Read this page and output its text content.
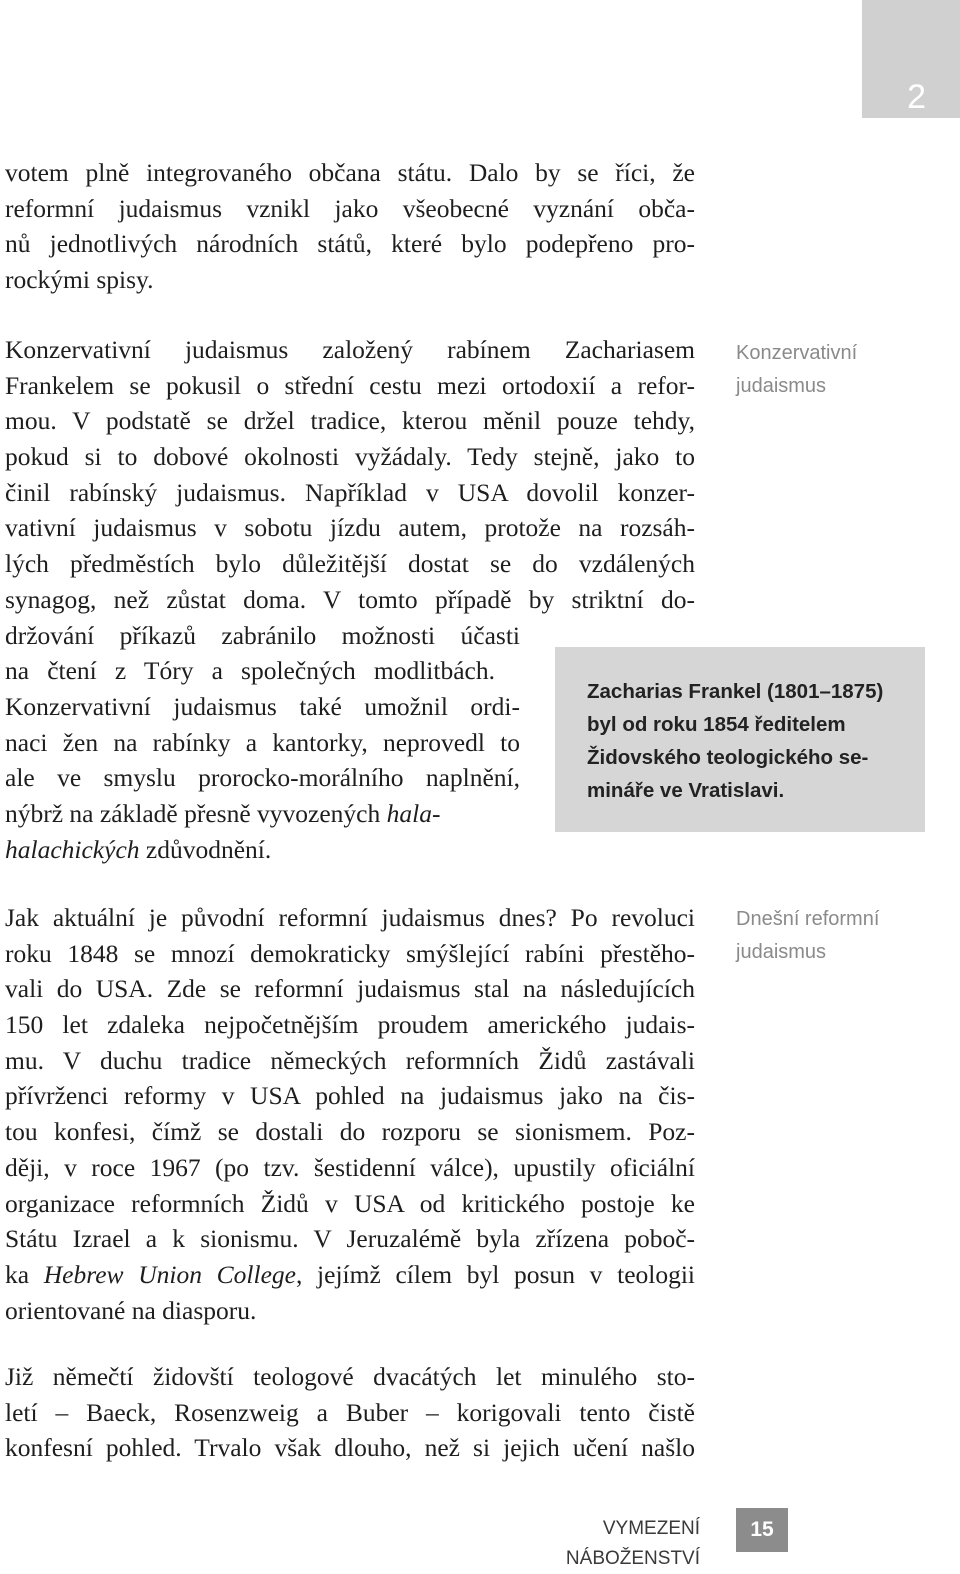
2
votem plně integrovaného občana státu. Dalo by se říci, že
reformní judaismus vznikl jako všeobecné vyznání obča-
nů jednotlivých národních států, které bylo podepřeno pro-
rockými spisy.
Konzervativní judaismus založený rabínem Zachariasem
Frankelem se pokusil o střední cestu mezi ortodoxií a refor-
mou. V podstatě se držel tradice, kterou měnil pouze tehdy,
pokud si to dobové okolnosti vyžádaly. Tedy stejně, jako to
činil rabínský judaismus. Například v USA dovolil konzer-
vativní judaismus v sobotu jízdu autem, protože na rozsáh-
lých předměstích bylo důležitější dostat se do vzdálených
synagog, než zůstat doma. V tomto případě by striktní do-
držování příkazů zabránilo možnosti účasti
na čtení z Tóry a společných modlitbách.
Konzervativní judaismus také umožnil ordi-
naci žen na rabínky a kantorky, neprovedl to
ale ve smyslu prorocko-morálního naplnění,
nýbrž na základě přesně vyvozených hala-
halachických zdůvodnění.
Jak aktuální je původní reformní judaismus dnes? Po revoluci
roku 1848 se mnozí demokraticky smýšlející rabíni přestěho-
vali do USA. Zde se reformní judaismus stal na následujících
150 let zdaleka nejpočetnějším proudem amerického judais-
mu. V duchu tradice německých reformních Židů zastávali
přívrženci reformy v USA pohled na judaismus jako na čis-
tou konfesi, čímž se dostali do rozporu se sionismem. Poz-
ději, v roce 1967 (po tzv. šestidenní válce), upustily oficiální
organizace reformních Židů v USA od kritického postoje ke
Státu Izrael a k sionismu. V Jeruzalémě byla zřízena poboč-
ka Hebrew Union College, jejímž cílem byl posun v teologii
orientované na diasporu.
Již němečtí židovští teologové dvacátých let minulého sto-
letí – Baeck, Rosenzweig a Buber – korigovali tento čistě
konfesní pohled. Trvalo však dlouho, než si jejich učení našlo
Konzervativní
judaismus
Dnešní reformní
judaismus
Zacharias Frankel (1801–1875)
byl od roku 1854 ředitelem
Židovského teologického se-
mináře ve Vratislavi.
VYMEZENÍ NÁBOŽENSTVÍ
15
